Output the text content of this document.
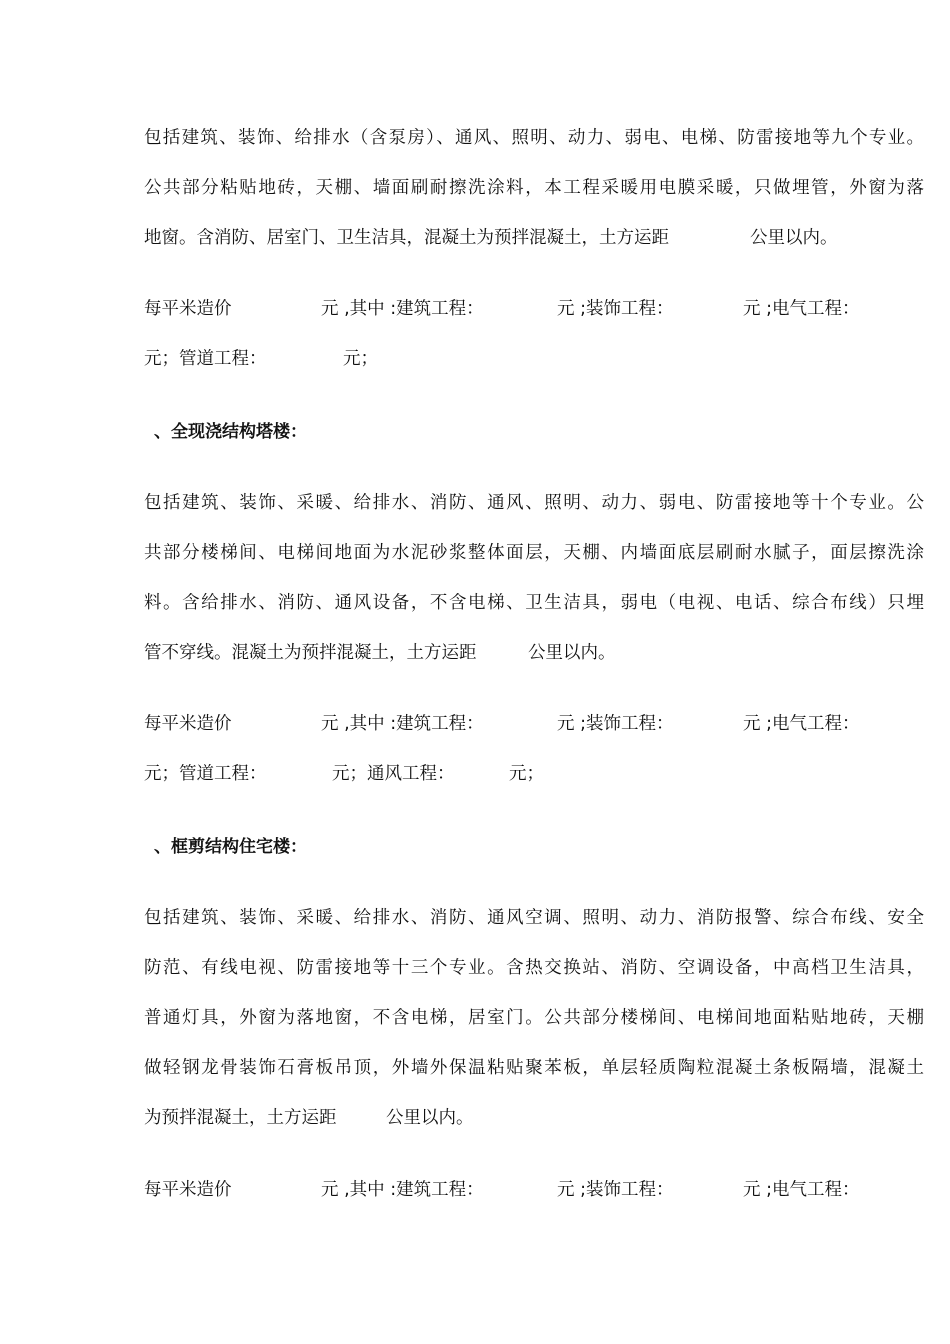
包括建筑、装饰、给排水（含泵房）、通风、照明、动力、弱电、电梯、防雷接地等九个专业。
公共部分粘贴地砖，天棚、墙面刷耐擦洗涂料，本工程采暖用电膜采暖，只做埋管，外窗为落
地窗。含消防、居室门、卫生洁具，混凝土为预拌混凝土，土方运距	公里以内。
每平米造价	元 ,其中 :建筑工程：	元 ;装饰工程：	元 ;电气工程：
元；管道工程：	元；
、全现浇结构塔楼：
包括建筑、装饰、采暖、给排水、消防、通风、照明、动力、弱电、防雷接地等十个专业。公
共部分楼梯间、电梯间地面为水泥砂浆整体面层，天棚、内墙面底层刷耐水腻子，面层擦洗涂
料。含给排水、消防、通风设备，不含电梯、卫生洁具，弱电（电视、电话、综合布线）只埋
管不穿线。混凝土为预拌混凝土，土方运距	公里以内。
每平米造价	元 ,其中 :建筑工程：	元 ;装饰工程：	元 ;电气工程：
元；管道工程：	元；通风工程：	元；
、框剪结构住宅楼：
包括建筑、装饰、采暖、给排水、消防、通风空调、照明、动力、消防报警、综合布线、安全
防范、有线电视、防雷接地等十三个专业。含热交换站、消防、空调设备，中高档卫生洁具，
普通灯具，外窗为落地窗，不含电梯，居室门。公共部分楼梯间、电梯间地面粘贴地砖，天棚
做轻钢龙骨装饰石膏板吊顶，外墙外保温粘贴聚苯板，单层轻质陶粒混凝土条板隔墙，混凝土
为预拌混凝土，土方运距	公里以内。
每平米造价	元 ,其中 :建筑工程：	元 ;装饰工程：	元 ;电气工程：
